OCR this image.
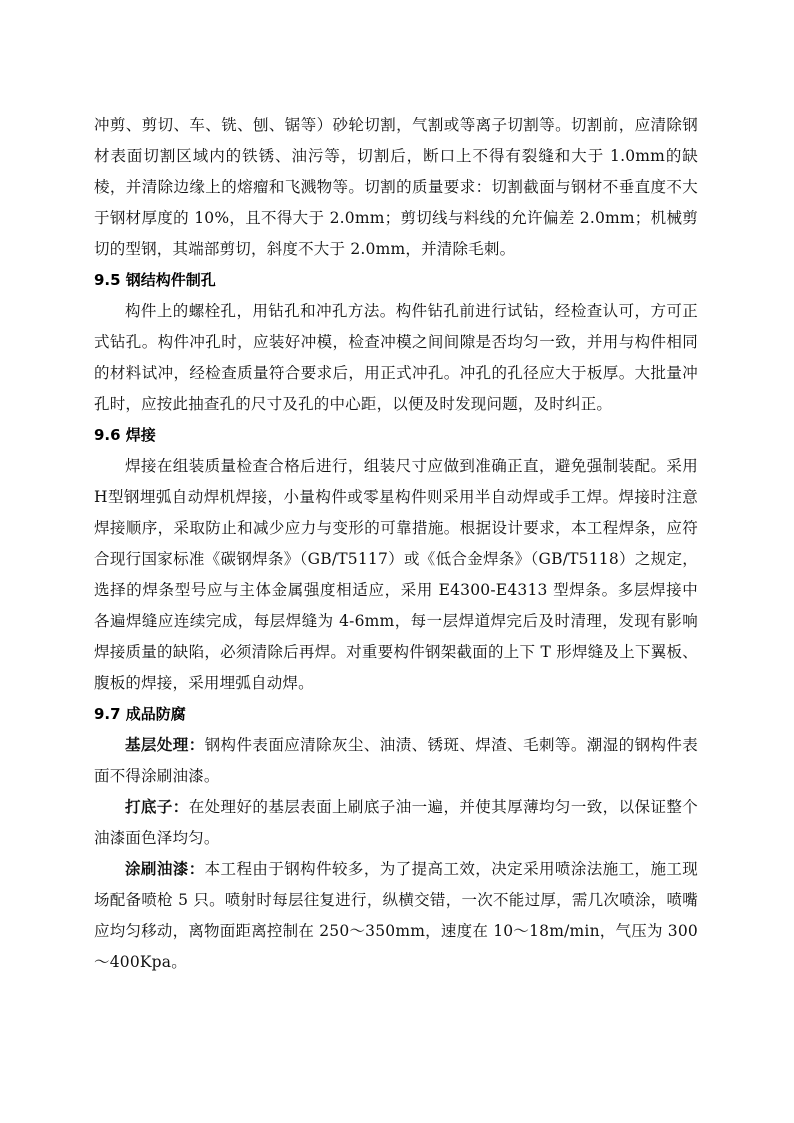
冲剪、剪切、车、铣、刨、锯等）砂轮切割，气割或等离子切割等。切割前，应清除钢材表面切割区域内的铁锈、油污等，切割后，断口上不得有裂缝和大于 1.0mm的缺棱，并清除边缘上的熔瘤和飞溅物等。切割的质量要求：切割截面与钢材不垂直度不大于钢材厚度的 10%，且不得大于 2.0mm；剪切线与料线的允许偏差 2.0mm；机械剪切的型钢，其端部剪切，斜度不大于 2.0mm，并清除毛刺。

9.5 钢结构件制孔

构件上的螺栓孔，用钻孔和冲孔方法。构件钻孔前进行试钻，经检查认可，方可正式钻孔。构件冲孔时，应装好冲模，检查冲模之间间隙是否均匀一致，并用与构件相同的材料试冲，经检查质量符合要求后，用正式冲孔。冲孔的孔径应大于板厚。大批量冲孔时，应按此抽查孔的尺寸及孔的中心距，以便及时发现问题，及时纠正。

9.6 焊接

焊接在组装质量检查合格后进行，组装尺寸应做到准确正直，避免强制装配。采用 H型钢埋弧自动焊机焊接，小量构件或零星构件则采用半自动焊或手工焊。焊接时注意焊接顺序，采取防止和减少应力与变形的可靠措施。根据设计要求，本工程焊条，应符合现行国家标准《碳钢焊条》（GB/T5117）或《低合金焊条》（GB/T5118）之规定，选择的焊条型号应与主体金属强度相适应，采用 E4300-E4313 型焊条。多层焊接中各遍焊缝应连续完成，每层焊缝为 4-6mm，每一层焊道焊完后及时清理，发现有影响焊接质量的缺陷，必须清除后再焊。对重要构件钢架截面的上下 T 形焊缝及上下翼板、腹板的焊接，采用埋弧自动焊。

9.7 成品防腐

基层处理：钢构件表面应清除灰尘、油渍、锈斑、焊渣、毛刺等。潮湿的钢构件表面不得涂刷油漆。

打底子：在处理好的基层表面上刷底子油一遍，并使其厚薄均匀一致，以保证整个油漆面色泽均匀。

涂刷油漆：本工程由于钢构件较多，为了提高工效，决定采用喷涂法施工，施工现场配备喷枪 5 只。喷射时每层往复进行，纵横交错，一次不能过厚，需几次喷涂，喷嘴应均匀移动，离物面距离控制在 250～350mm，速度在 10～18m/min，气压为 300～400Kpa。
